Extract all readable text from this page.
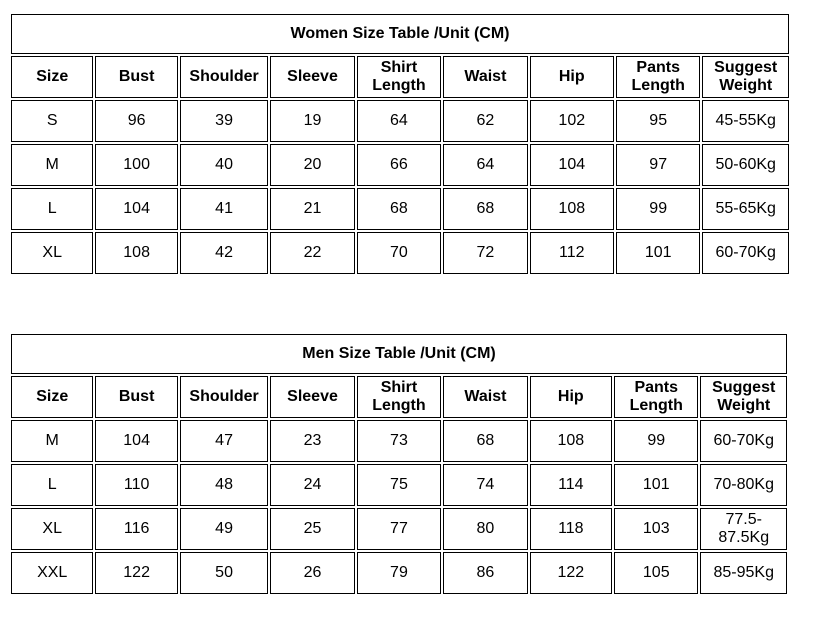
Women Size Table /Unit (CM)								
Size	Bust	Shoulder	Sleeve	Shirt Length	Waist	Hip	Pants Length	Suggest Weight
S	96	39	19	64	62	102	95	45-55Kg
M	100	40	20	66	64	104	97	50-60Kg
L	104	41	21	68	68	108	99	55-65Kg
XL	108	42	22	70	72	112	101	60-70Kg
Men Size Table /Unit (CM)								
Size	Bust	Shoulder	Sleeve	Shirt Length	Waist	Hip	Pants Length	Suggest Weight
M	104	47	23	73	68	108	99	60-70Kg
L	110	48	24	75	74	114	101	70-80Kg
XL	116	49	25	77	80	118	103	77.5-87.5Kg
XXL	122	50	26	79	86	122	105	85-95Kg
